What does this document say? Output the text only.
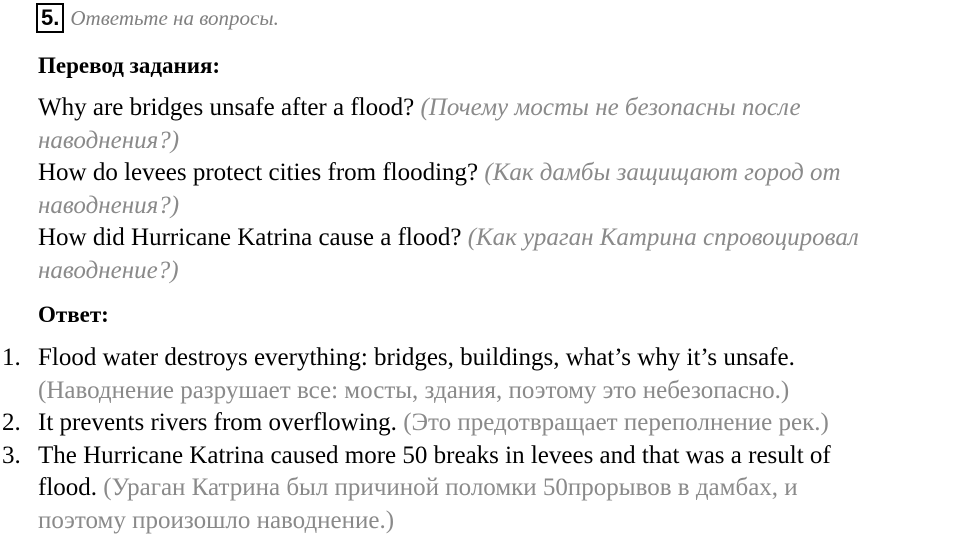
5. Ответьте на вопросы.
Перевод задания:

Why are bridges unsafe after a flood? (Почему мосты не безопасны после

наводнения?)

How do levees protect cities from flooding? (Как дамбы защищают город от

наводнения?)

How did Hurricane Katrina cause a flood? (Как ураган Катрина спровоцировал

наводнение?)

Ответ:
1. Flood water destroys everything: bridges, buildings, what’s why it’s unsafe.
(Наводнение разрушает все: мосты, здания, поэтому это небезопасно.)
2. It prevents rivers from overflowing. (Это предотвращает переполнение рек.)
3. The Hurricane Katrina caused more 50 breaks in levees and that was a result of
flood. (Ураган Катрина был причиной поломки 50прорывов в дамбах, и
поэтому произошло наводнение.)
